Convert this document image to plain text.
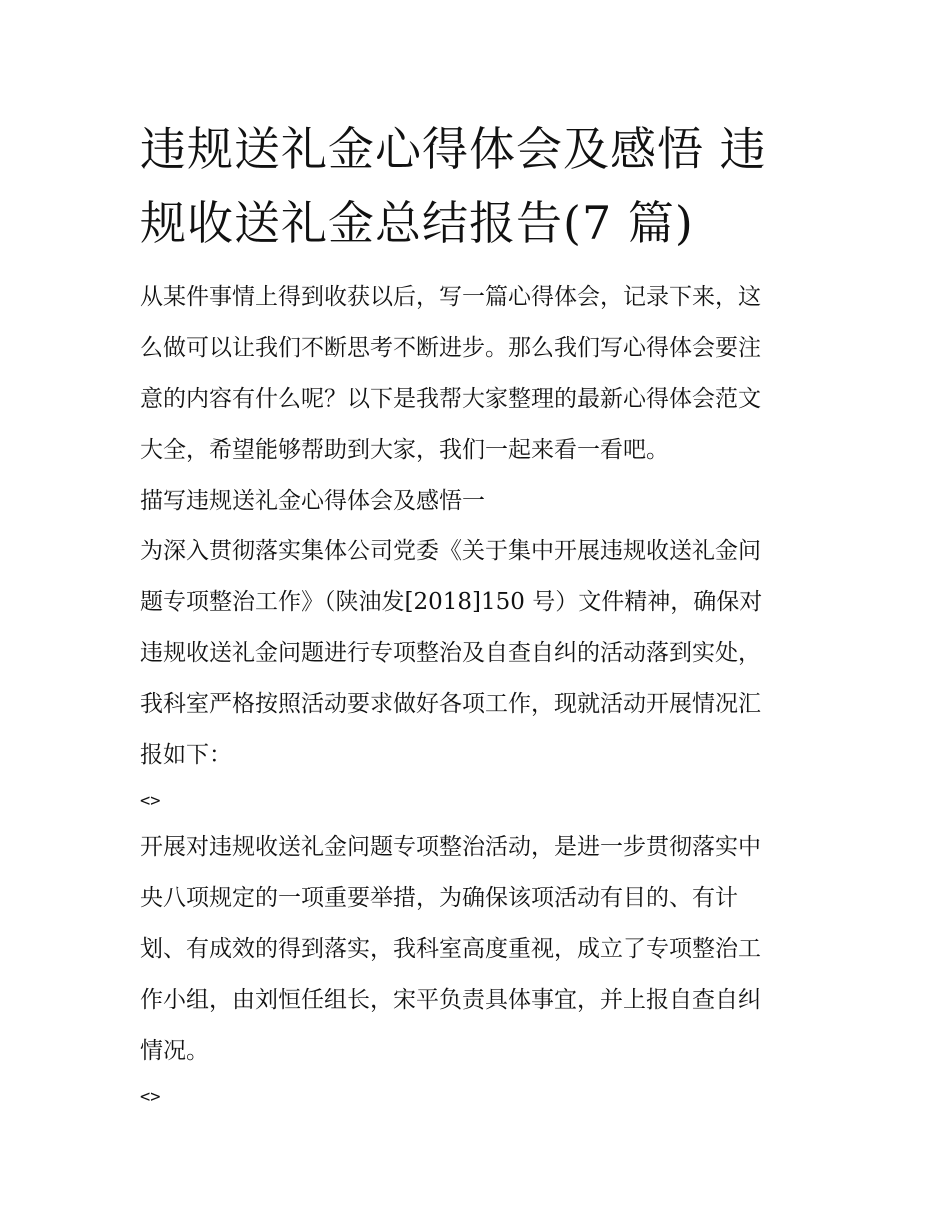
违规送礼金心得体会及感悟 违
规收送礼金总结报告(7 篇)

从某件事情上得到收获以后，写一篇心得体会，记录下来，这
么做可以让我们不断思考不断进步。那么我们写心得体会要注
意的内容有什么呢？以下是我帮大家整理的最新心得体会范文
大全，希望能够帮助到大家，我们一起来看一看吧。

描写违规送礼金心得体会及感悟一

为深入贯彻落实集体公司党委《关于集中开展违规收送礼金问
题专项整治工作》（陕油发[2018]150 号）文件精神，确保对
违规收送礼金问题进行专项整治及自查自纠的活动落到实处，
我科室严格按照活动要求做好各项工作，现就活动开展情况汇
报如下：

<>

开展对违规收送礼金问题专项整治活动，是进一步贯彻落实中
央八项规定的一项重要举措，为确保该项活动有目的、有计
划、有成效的得到落实，我科室高度重视，成立了专项整治工
作小组，由刘恒任组长，宋平负责具体事宜，并上报自查自纠
情况。

<>
